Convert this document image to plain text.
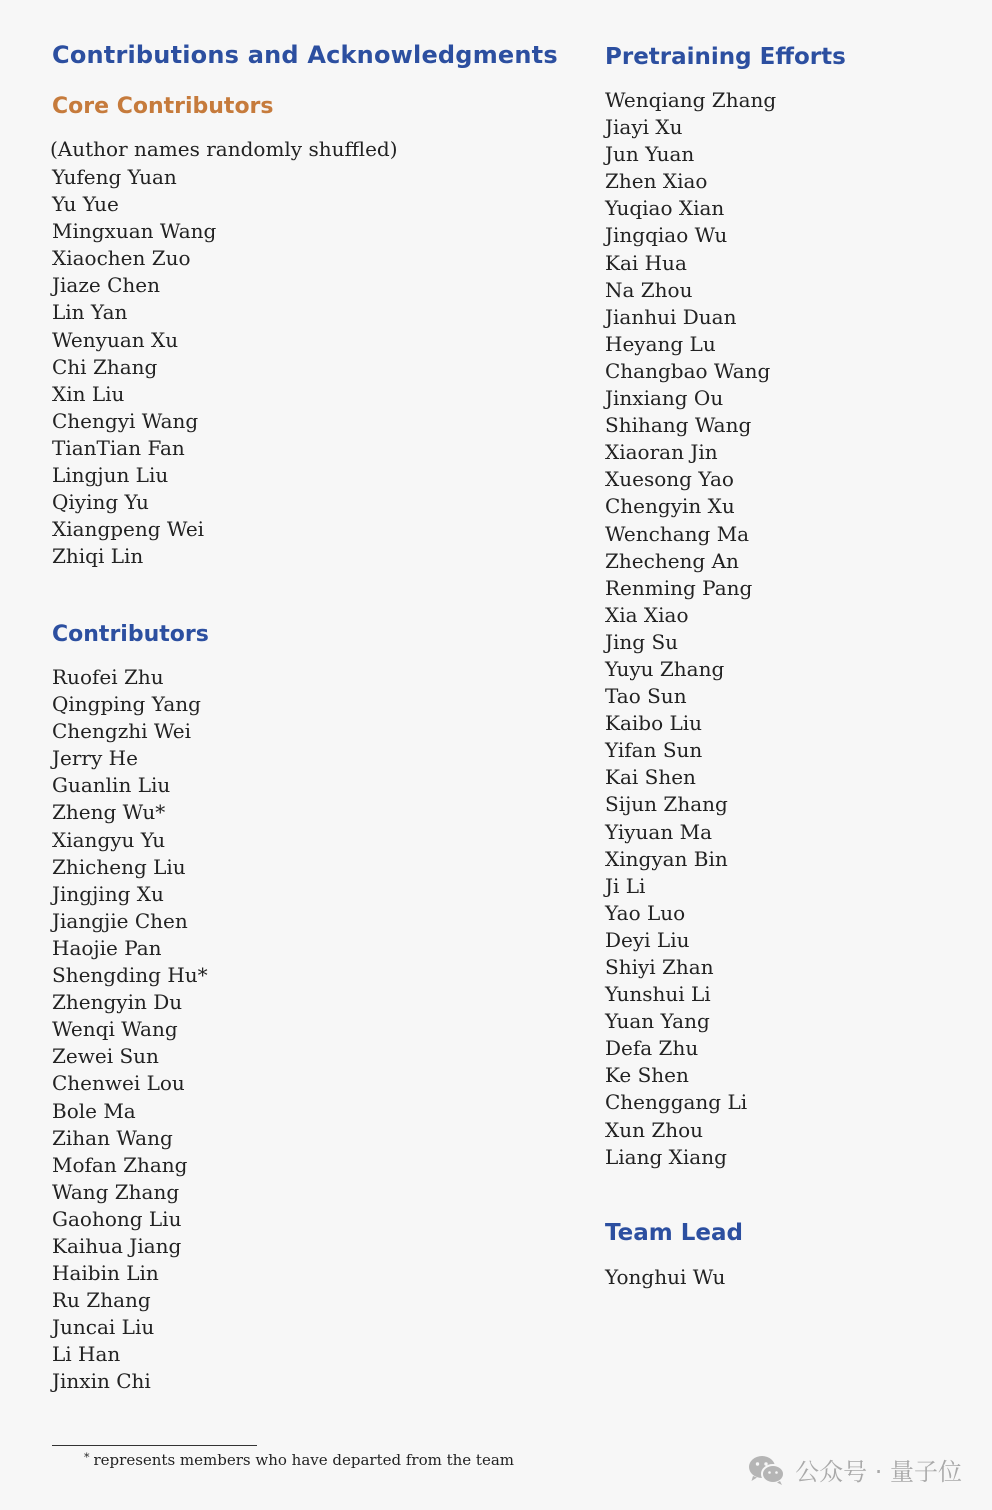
Contributions and Acknowledgments
Core Contributors
(Author names randomly shuffled)
Yufeng Yuan
Yu Yue
Mingxuan Wang
Xiaochen Zuo
Jiaze Chen
Lin Yan
Wenyuan Xu
Chi Zhang
Xin Liu
Chengyi Wang
TianTian Fan
Lingjun Liu
Qiying Yu
Xiangpeng Wei
Zhiqi Lin
Contributors
Ruofei Zhu
Qingping Yang
Chengzhi Wei
Jerry He
Guanlin Liu
Zheng Wu*
Xiangyu Yu
Zhicheng Liu
Jingjing Xu
Jiangjie Chen
Haojie Pan
Shengding Hu*
Zhengyin Du
Wenqi Wang
Zewei Sun
Chenwei Lou
Bole Ma
Zihan Wang
Mofan Zhang
Wang Zhang
Gaohong Liu
Kaihua Jiang
Haibin Lin
Ru Zhang
Juncai Liu
Li Han
Jinxin Chi
Pretraining Efforts
Wenqiang Zhang
Jiayi Xu
Jun Yuan
Zhen Xiao
Yuqiao Xian
Jingqiao Wu
Kai Hua
Na Zhou
Jianhui Duan
Heyang Lu
Changbao Wang
Jinxiang Ou
Shihang Wang
Xiaoran Jin
Xuesong Yao
Chengyin Xu
Wenchang Ma
Zhecheng An
Renming Pang
Xia Xiao
Jing Su
Yuyu Zhang
Tao Sun
Kaibo Liu
Yifan Sun
Kai Shen
Sijun Zhang
Yiyuan Ma
Xingyan Bin
Ji Li
Yao Luo
Deyi Liu
Shiyi Zhan
Yunshui Li
Yuan Yang
Defa Zhu
Ke Shen
Chenggang Li
Xun Zhou
Liang Xiang
Team Lead
Yonghui Wu
* represents members who have departed from the team	公众号 · 量子位
